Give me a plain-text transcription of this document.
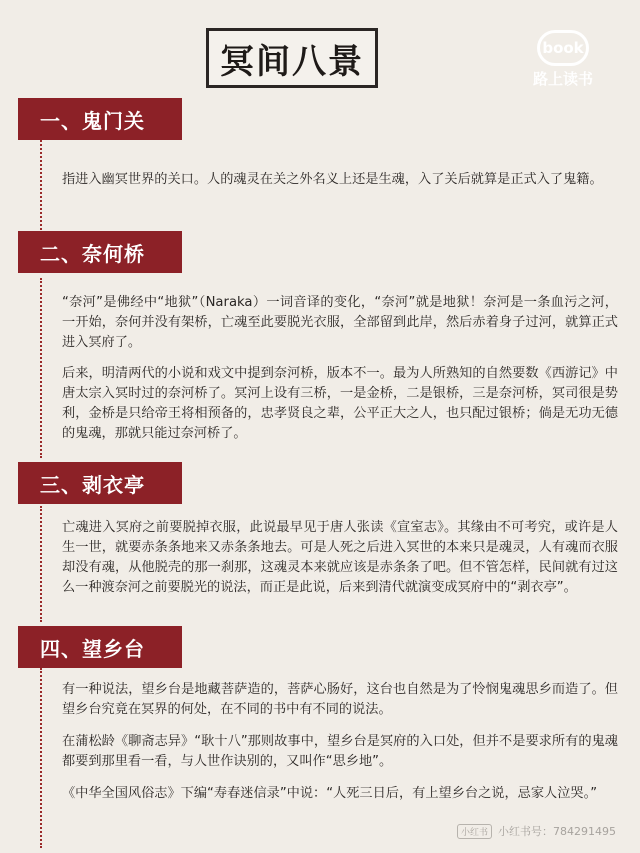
冥间八景	book
路上读书
一、鬼门关

指进入幽冥世界的关口。人的魂灵在关之外名义上还是生魂，入了关后就算是正式入了鬼籍。

二、奈何桥

“奈河”是佛经中“地狱”（Naraka）一词音译的变化，“奈河”就是地狱！奈河是一条血污之河，一开始，奈何并没有架桥，亡魂至此要脱光衣服，全部留到此岸，然后赤着身子过河，就算正式进入冥府了。

后来，明清两代的小说和戏文中提到奈河桥，版本不一。最为人所熟知的自然要数《西游记》中唐太宗入冥时过的奈河桥了。冥河上设有三桥，一是金桥，二是银桥，三是奈河桥，冥司很是势利，金桥是只给帝王将相预备的，忠孝贤良之辈，公平正大之人，也只配过银桥；倘是无功无德的鬼魂，那就只能过奈河桥了。

三、剥衣亭

亡魂进入冥府之前要脱掉衣服，此说最早见于唐人张读《宣室志》。其缘由不可考究，或许是人生一世，就要赤条条地来又赤条条地去。可是人死之后进入冥世的本来只是魂灵，人有魂而衣服却没有魂，从他脱壳的那一刹那，这魂灵本来就应该是赤条条了吧。但不管怎样，民间就有过这么一种渡奈河之前要脱光的说法，而正是此说，后来到清代就演变成冥府中的“剥衣亭”。

四、望乡台

有一种说法，望乡台是地藏菩萨造的，菩萨心肠好，这台也自然是为了怜悯鬼魂思乡而造了。但望乡台究竟在冥界的何处，在不同的书中有不同的说法。

在蒲松龄《聊斋志异》“耿十八”那则故事中，望乡台是冥府的入口处，但并不是要求所有的鬼魂都要到那里看一看，与人世作诀别的，又叫作“思乡地”。

《中华全国风俗志》下编“寿春迷信录”中说：“人死三日后，有上望乡台之说，忌家人泣哭。”

小红书 小红书号：784291495
